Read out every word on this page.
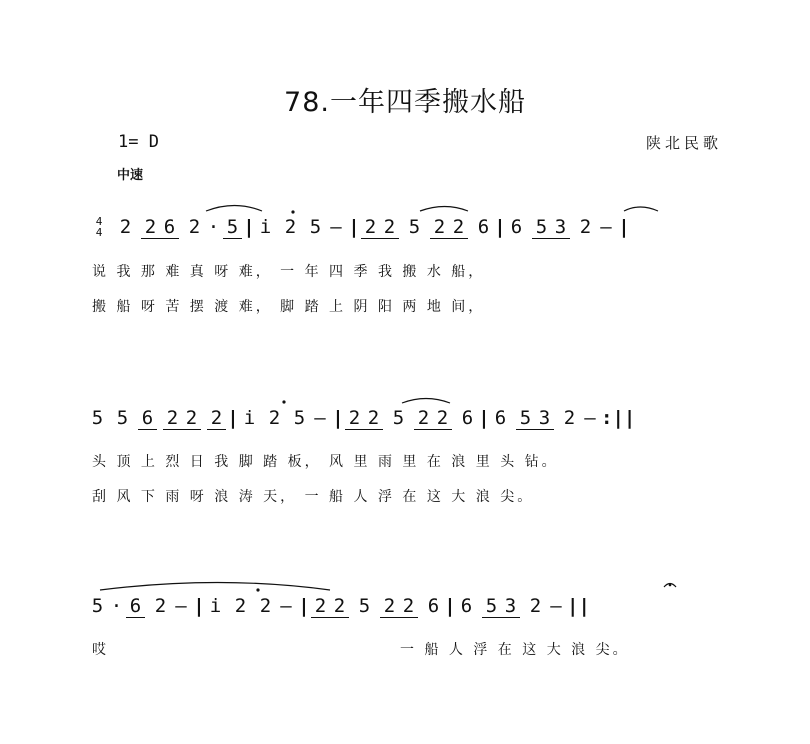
78.一年四季搬水船
1= D
中速
陕北民歌
4
4 2 2 6 2 · 5 | i 2 5 – | 2 2 5 2 2 6 | 6 5 3 2 – |
说 我 那 难 真 呀 难， 一 年 四 季 我 搬 水 船，
搬 船 呀 苦 摆 渡 难， 脚 踏 上 阴 阳 两 地 间，
5 5 6 2 2 2 | i 2 5 – | 2 2 5 2 2 6 | 6 5 3 2 – :||
头 顶 上 烈 日 我 脚 踏 板， 风 里 雨 里 在 浪 里 头 钻。
刮 风 下 雨 呀 浪 涛 天， 一 船 人 浮 在 这 大 浪 尖。
5 · 6 2 – | i 2 2 – | 2 2 5 2 2 6 | 6 5 3 2 – ||
哎	一 船 人 浮 在 这 大 浪 尖。
